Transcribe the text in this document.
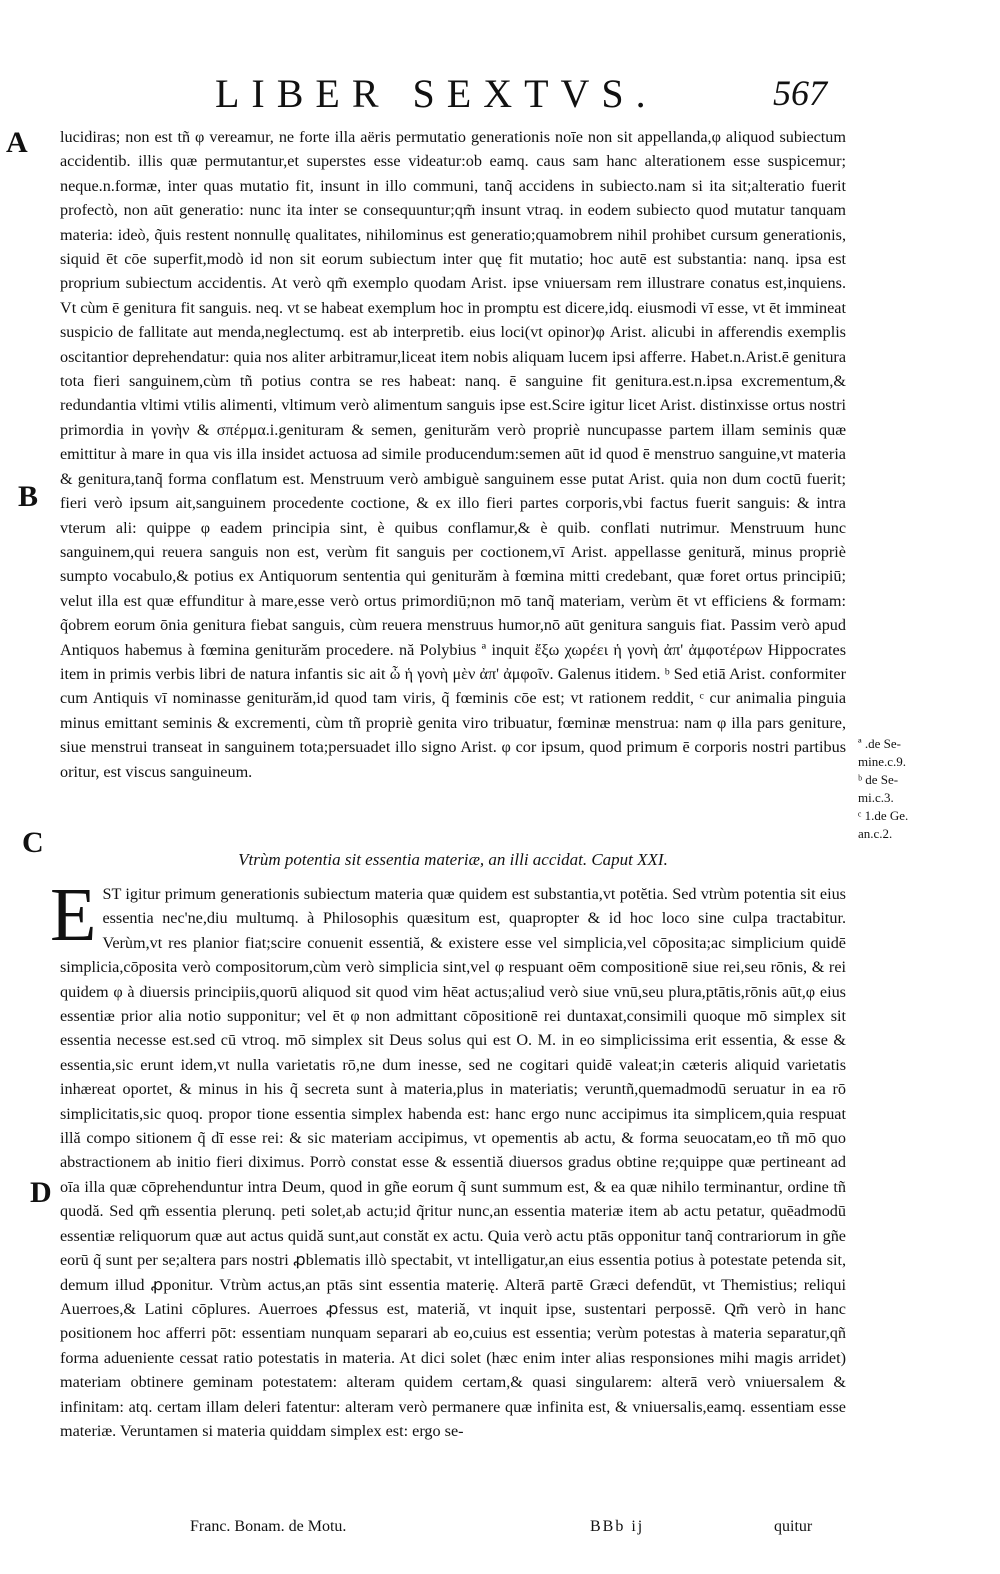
LIBER SEXTVS.	567
A
B
C
D

lucidiras; non est tñ φ vereamur, ne forte illa aëris permutatio generationis noīe non sit appellanda,φ aliquod subiectum accidentib. illis quæ permutantur,et superstes esse videatur:ob eamq. caus sam hanc alterationem esse suspicemur; neque.n.formæ, inter quas mutatio fit, insunt in illo communi, tanq̃ accidens in subiecto.nam si ita sit;alteratio fuerit profectò, non aūt generatio: nunc ita inter se consequuntur;qm̃ insunt vtraq. in eodem subiecto quod mutatur tanquam materia: ideò, q̃uis restent nonnullę qualitates, nihilominus est generatio;quamobrem nihil prohibet cursum generationis, siquid ēt cōe superfit,modò id non sit eorum subiectum inter quę fit mutatio; hoc autē est substantia: nanq. ipsa est proprium subiectum accidentis. At verò qm̃ exemplo quodam Arist. ipse vniuersam rem illustrare conatus est,inquiens. Vt cùm ē genitura fit sanguis. neq. vt se habeat exemplum hoc in promptu est dicere,idq. eiusmodi vī esse, vt ēt immineat suspicio de fallitate aut menda,neglectumq. est ab interpretib. eius loci(vt opinor)φ Arist. alicubi in afferendis exemplis oscitantior deprehendatur: quia nos aliter arbitramur,liceat item nobis aliquam lucem ipsi afferre. Habet.n.Arist.ē genitura tota fieri sanguinem,cùm tñ potius contra se res habeat: nanq. ē sanguine fit genitura.est.n.ipsa excrementum,& redundantia vltimi vtilis alimenti, vltimum verò alimentum sanguis ipse est.Scire igitur licet Arist. distinxisse ortus nostri primordia in γονὴν & σπέρμα.i.genituram & semen, geniturăm verò propriè nuncupasse partem illam seminis quæ emittitur à mare in qua vis illa insidet actuosa ad simile producendum:semen aūt id quod ē menstruo sanguine,vt materia & genitura,tanq̃ forma conflatum est. Menstruum verò ambiguè sanguinem esse putat Arist. quia non dum coctū fuerit; fieri verò ipsum ait,sanguinem procedente coctione, & ex illo fieri partes corporis,vbi factus fuerit sanguis: & intra vterum ali: quippe φ eadem principia sint, è quibus conflamur,& è quib. conflati nutrimur. Menstruum hunc sanguinem,qui reuera sanguis non est, verùm fit sanguis per coctionem,vī Arist. appellasse genitură, minus propriè sumpto vocabulo,& potius ex Antiquorum sententia qui geniturăm à fœmina mitti credebant, quæ foret ortus principiū; velut illa est quæ effunditur à mare,esse verò ortus primordiū;non mō tanq̃ materiam, verùm ēt vt efficiens & formam: q̃obrem eorum ōnia genitura fiebat sanguis, cùm reuera menstruus humor,nō aūt genitura sanguis fiat. Passim verò apud Antiquos habemus à fœmina geniturăm procedere. nă Polybius ª inquit ἔξω χωρέει ἡ γονὴ ἀπ' ἀμφοτέρων Hippocrates item in primis verbis libri de natura infantis sic ait ὦ ἡ γονὴ μὲν ἀπ' ἀμφοῖν. Galenus itidem. ᵇ Sed etiā Arist. conformiter cum Antiquis vī nominasse geniturăm,id quod tam viris, q̃ fœminis cōe est; vt rationem reddit, ᶜ cur animalia pinguia minus emittant seminis & excrementi, cùm tñ propriè genita viro tribuatur, fœminæ menstrua: nam φ illa pars geniture, siue menstrui transeat in sanguinem tota;persuadet illo signo Arist. φ cor ipsum, quod primum ē corporis nostri partibus oritur, est viscus sanguineum.

Vtrùm potentia sit essentia materiæ, an illi accidat. Caput XXI.
E ST igitur primum generationis subiectum materia quæ quidem est substantia,vt potĕtia. Sed vtrùm potentia sit eius essentia nec'ne,diu multumq. à Philosophis quæsitum est, quapropter & id hoc loco sine culpa tractabitur. Verùm,vt res planior fiat;scire conuenit essentiă, & existere esse vel simplicia,vel cōposita;ac simplicium quidē simplicia,cōposita verò compositorum,cùm verò simplicia sint,vel φ respuant oēm compositionē siue rei,seu rōnis, & rei quidem φ à diuersis principiis,quorū aliquod sit quod vim hēat actus;aliud verò siue vnū,seu plura,ptātis,rōnis aūt,φ eius essentiæ prior alia notio supponitur; vel ēt φ non admittant cōpositionē rei duntaxat,consimili quoque mō simplex sit essentia necesse est.sed cū vtroq. mō simplex sit Deus solus qui est O. M. in eo simplicissima erit essentia, & esse & essentia,sic erunt idem,vt nulla varietatis rō,ne dum inesse, sed ne cogitari quidē valeat;in cæteris aliquid varietatis inhæreat oportet, & minus in his q̃ secreta sunt à materia,plus in materiatis; veruntñ,quemadmodū seruatur in ea rō simplicitatis,sic quoq. propor tione essentia simplex habenda est: hanc ergo nunc accipimus ita simplicem,quia respuat illă compo sitionem q̃ dī esse rei: & sic materiam accipimus, vt opementis ab actu, & forma seuocatam,eo tñ mō quo abstractionem ab initio fieri diximus. Porrò constat esse & essentiă diuersos gradus obtine re;quippe quæ pertineant ad oīa illa quæ cōprehenduntur intra Deum, quod in gñe eorum q̃ sunt summum est, & ea quæ nihilo terminantur, ordine tñ quodă. Sed qm̃ essentia plerunq. peti solet,ab actu;id q̃ritur nunc,an essentia materiæ item ab actu petatur, quēadmodū essentiæ reliquorum quæ aut actus quidă sunt,aut constăt ex actu. Quia verò actu ptās opponitur tanq̃ contrariorum in gñe eorū q̃ sunt per se;altera pars nostri ꝓblematis illò spectabit, vt intelligatur,an eius essentia potius à potestate petenda sit, demum illud ꝓponitur. Vtrùm actus,an ptās sint essentia materię. Alterā partē Græci defendūt, vt Themistius; reliqui Auerroes,& Latini cōplures. Auerroes ꝓfessus est, materiă, vt inquit ipse, sustentari perpossē. Qm̃ verò in hanc positionem hoc afferri pōt: essentiam nunquam separari ab eo,cuius est essentia; verùm potestas à materia separatur,qñ forma adueniente cessat ratio potestatis in materia. At dici solet (hæc enim inter alias responsiones mihi magis arridet) materiam obtinere geminam potestatem: alteram quidem certam,& quasi singularem: alterā verò vniuersalem & infinitam: atq. certam illam deleri fatentur: alteram verò permanere quæ infinita est, & vniuersalis,eamq. essentiam esse materiæ. Veruntamen si materia quiddam simplex est: ergo se-

ª .de Se-
mine.c.9.
ᵇ de Se-
mi.c.3.
ᶜ 1.de Ge.
an.c.2.
Franc. Bonam. de Motu.	BBb ij	quitur
